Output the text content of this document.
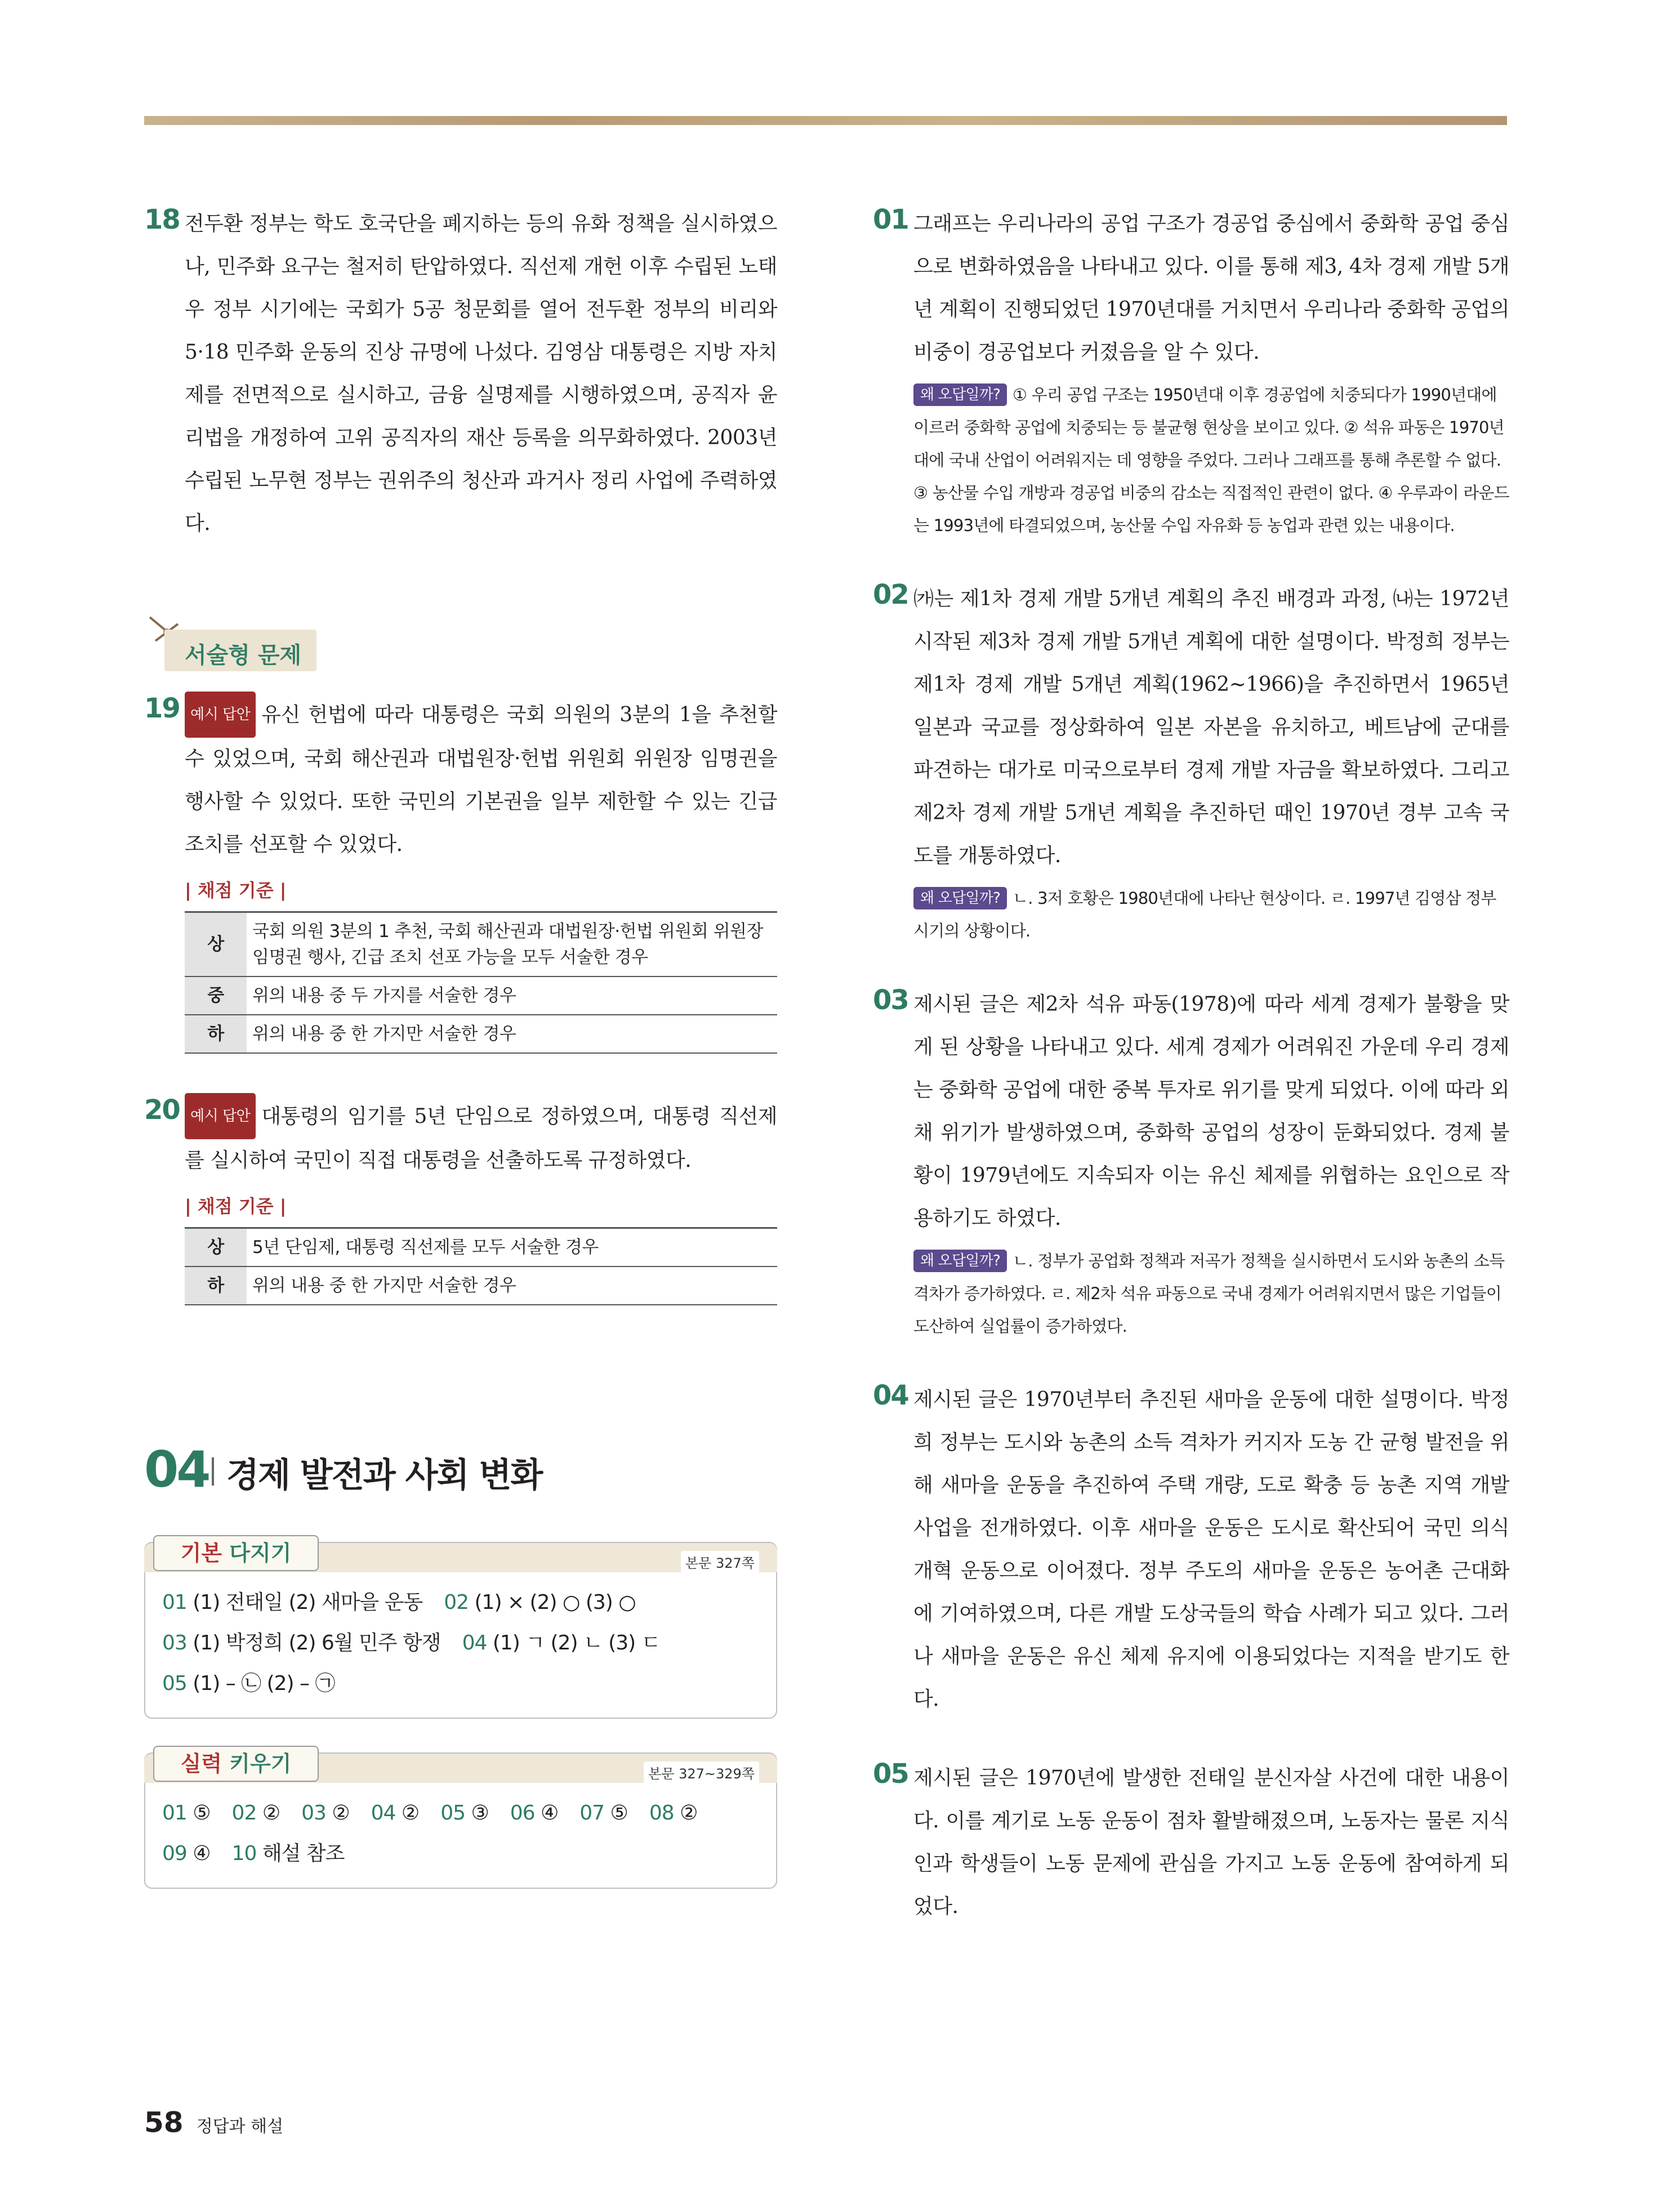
18 전두환 정부는 학도 호국단을 폐지하는 등의 유화 정책을 실시하였으나, 민주화 요구는 철저히 탄압하였다. 직선제 개헌 이후 수립된 노태우 정부 시기에는 국회가 5공 청문회를 열어 전두환 정부의 비리와 5·18 민주화 운동의 진상 규명에 나섰다. 김영삼 대통령은 지방 자치제를 전면적으로 실시하고, 금융 실명제를 시행하였으며, 공직자 윤리법을 개정하여 고위 공직자의 재산 등록을 의무화하였다. 2003년 수립된 노무현 정부는 권위주의 청산과 과거사 정리 사업에 주력하였다.

서술형 문제
19 예시 답안 유신 헌법에 따라 대통령은 국회 의원의 3분의 1을 추천할 수 있었으며, 국회 해산권과 대법원장·헌법 위원회 위원장 임명권을 행사할 수 있었다. 또한 국민의 기본권을 일부 제한할 수 있는 긴급 조치를 선포할 수 있었다.

| 채점 기준 |
상	국회 의원 3분의 1 추천, 국회 해산권과 대법원장·헌법 위원회 위원장 임명권 행사, 긴급 조치 선포 가능을 모두 서술한 경우
중	위의 내용 중 두 가지를 서술한 경우
하	위의 내용 중 한 가지만 서술한 경우
20 예시 답안 대통령의 임기를 5년 단임으로 정하였으며, 대통령 직선제를 실시하여 국민이 직접 대통령을 선출하도록 규정하였다.

| 채점 기준 |
상	5년 단임제, 대통령 직선제를 모두 서술한 경우
하	위의 내용 중 한 가지만 서술한 경우
04 경제 발전과 사회 변화
기본 다지기	본문 327쪽
01 (1) 전태일 (2) 새마을 운동 02 (1) × (2) ○ (3) ○03 (1) 박정희 (2) 6월 민주 항쟁 04 (1) ㄱ (2) ㄴ (3) ㄷ05 (1) – ㉡ (2) – ㉠
실력 키우기	본문 327~329쪽
01 ⑤ 02 ② 03 ② 04 ② 05 ③ 06 ④ 07 ⑤ 08 ②09 ④ 10 해설 참조
01 그래프는 우리나라의 공업 구조가 경공업 중심에서 중화학 공업 중심으로 변화하였음을 나타내고 있다. 이를 통해 제3, 4차 경제 개발 5개년 계획이 진행되었던 1970년대를 거치면서 우리나라 중화학 공업의 비중이 경공업보다 커졌음을 알 수 있다.

왜 오답일까? ① 우리 공업 구조는 1950년대 이후 경공업에 치중되다가 1990년대에 이르러 중화학 공업에 치중되는 등 불균형 현상을 보이고 있다. ② 석유 파동은 1970년대에 국내 산업이 어려워지는 데 영향을 주었다. 그러나 그래프를 통해 추론할 수 없다. ③ 농산물 수입 개방과 경공업 비중의 감소는 직접적인 관련이 없다. ④ 우루과이 라운드는 1993년에 타결되었으며, 농산물 수입 자유화 등 농업과 관련 있는 내용이다.

02 ㈎는 제1차 경제 개발 5개년 계획의 추진 배경과 과정, ㈏는 1972년 시작된 제3차 경제 개발 5개년 계획에 대한 설명이다. 박정희 정부는 제1차 경제 개발 5개년 계획(1962~1966)을 추진하면서 1965년 일본과 국교를 정상화하여 일본 자본을 유치하고, 베트남에 군대를 파견하는 대가로 미국으로부터 경제 개발 자금을 확보하였다. 그리고 제2차 경제 개발 5개년 계획을 추진하던 때인 1970년 경부 고속 국도를 개통하였다.

왜 오답일까? ㄴ. 3저 호황은 1980년대에 나타난 현상이다. ㄹ. 1997년 김영삼 정부 시기의 상황이다.

03 제시된 글은 제2차 석유 파동(1978)에 따라 세계 경제가 불황을 맞게 된 상황을 나타내고 있다. 세계 경제가 어려워진 가운데 우리 경제는 중화학 공업에 대한 중복 투자로 위기를 맞게 되었다. 이에 따라 외채 위기가 발생하였으며, 중화학 공업의 성장이 둔화되었다. 경제 불황이 1979년에도 지속되자 이는 유신 체제를 위협하는 요인으로 작용하기도 하였다.

왜 오답일까? ㄴ. 정부가 공업화 정책과 저곡가 정책을 실시하면서 도시와 농촌의 소득 격차가 증가하였다. ㄹ. 제2차 석유 파동으로 국내 경제가 어려워지면서 많은 기업들이 도산하여 실업률이 증가하였다.

04 제시된 글은 1970년부터 추진된 새마을 운동에 대한 설명이다. 박정희 정부는 도시와 농촌의 소득 격차가 커지자 도농 간 균형 발전을 위해 새마을 운동을 추진하여 주택 개량, 도로 확충 등 농촌 지역 개발 사업을 전개하였다. 이후 새마을 운동은 도시로 확산되어 국민 의식 개혁 운동으로 이어졌다. 정부 주도의 새마을 운동은 농어촌 근대화에 기여하였으며, 다른 개발 도상국들의 학습 사례가 되고 있다. 그러나 새마을 운동은 유신 체제 유지에 이용되었다는 지적을 받기도 한다.

05 제시된 글은 1970년에 발생한 전태일 분신자살 사건에 대한 내용이다. 이를 계기로 노동 운동이 점차 활발해졌으며, 노동자는 물론 지식인과 학생들이 노동 문제에 관심을 가지고 노동 운동에 참여하게 되었다.

58 정답과 해설
